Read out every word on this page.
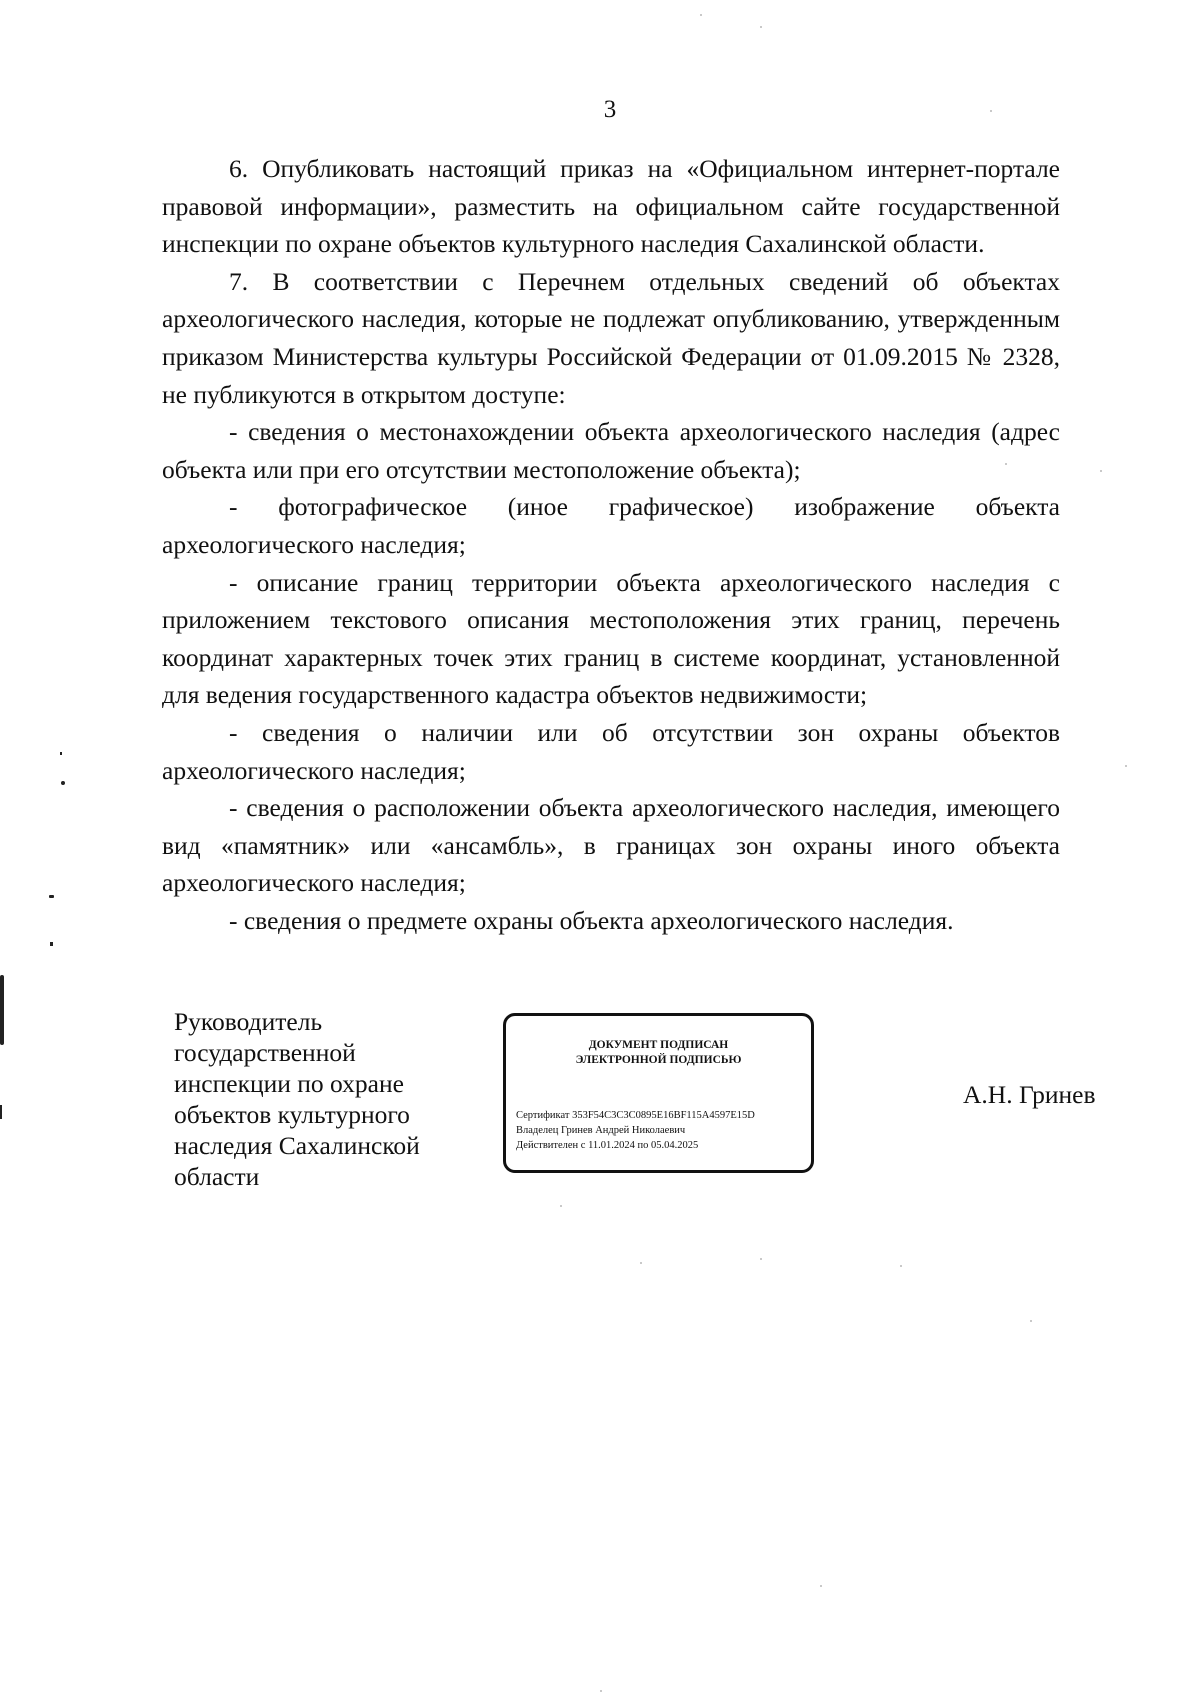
3

6. Опубликовать настоящий приказ на «Официальном интернет-портале правовой информации», разместить на официальном сайте государственной инспекции по охране объектов культурного наследия Сахалинской области.

7. В соответствии с Перечнем отдельных сведений об объектах археологического наследия, которые не подлежат опубликованию, утвержденным приказом Министерства культуры Российской Федерации от 01.09.2015 № 2328, не публикуются в открытом доступе:

- сведения о местонахождении объекта археологического наследия (адрес объекта или при его отсутствии местоположение объекта);

- фотографическое (иное графическое) изображение объекта археологического наследия;

- описание границ территории объекта археологического наследия с приложением текстового описания местоположения этих границ, перечень координат характерных точек этих границ в системе координат, установленной для ведения государственного кадастра объектов недвижимости;

- сведения о наличии или об отсутствии зон охраны объектов археологического наследия;

- сведения о расположении объекта археологического наследия, имеющего вид «памятник» или «ансамбль», в границах зон охраны иного объекта археологического наследия;

- сведения о предмете охраны объекта археологического наследия.

Руководитель
государственной
инспекции по охране
объектов культурного
наследия Сахалинской
области
ДОКУМЕНТ ПОДПИСАН
ЭЛЕКТРОННОЙ ПОДПИСЬЮ
Сертификат 353F54C3C3C0895E16BF115A4597E15D
Владелец Гринев Андрей Николаевич
Действителен с 11.01.2024 по 05.04.2025
А.Н. Гринев
